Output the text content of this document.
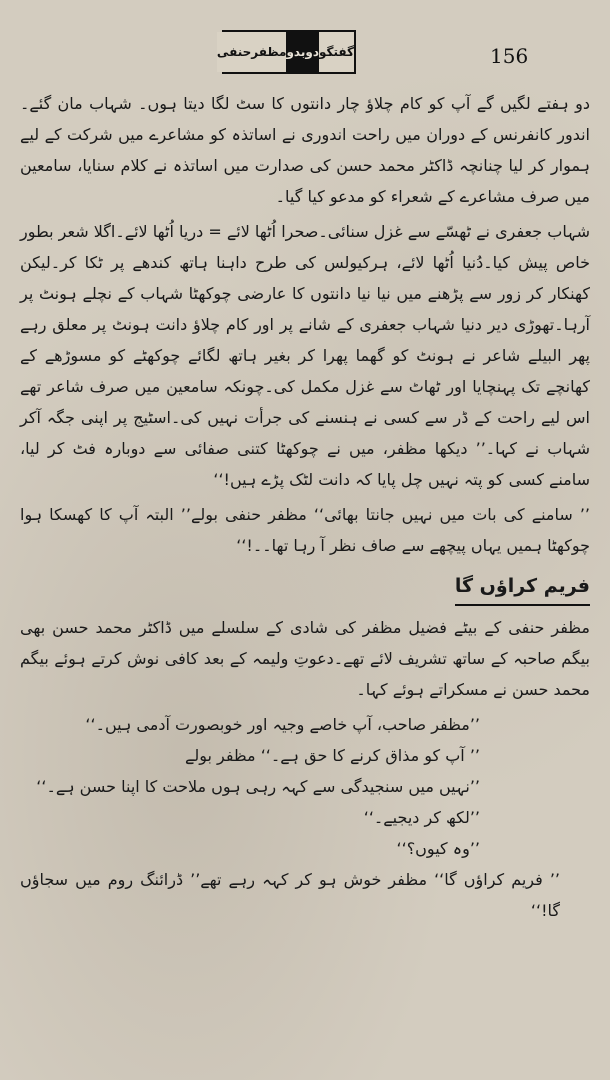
گفتگو
دوبدو
مظفرحنفی	156

دو ہفتے لگیں گے آپ کو کام چلاؤ چار دانتوں کا سٹ لگا دیتا ہوں۔ شہاب مان گئے۔اندور کانفرنس کے دوران میں راحت اندوری نے اساتذہ کو مشاعرے میں شرکت کے لیے ہموار کر لیا چنانچہ ڈاکٹر محمد حسن کی صدارت میں اساتذہ نے کلام سنایا، سامعین میں صرف مشاعرے کے شعراء کو مدعو کیا گیا۔

شہاب جعفری نے ٹھسّے سے غزل سنائی۔صحرا اُٹھا لائے = دریا اُٹھا لائے۔اگلا شعر بطور خاص پیش کیا۔دُنیا اُٹھا لائے، ہرکیولس کی طرح داہنا ہاتھ کندھے پر ٹکا کر۔لیکن کھنکار کر زور سے پڑھنے میں نیا نیا دانتوں کا عارضی چوکھٹا شہاب کے نچلے ہونٹ پر آرہا۔تھوڑی دیر دنیا شہاب جعفری کے شانے پر اور کام چلاؤ دانت ہونٹ پر معلق رہے پھر البیلے شاعر نے ہونٹ کو گھما پھرا کر بغیر ہاتھ لگائے چوکھٹے کو مسوڑھے کے کھانچے تک پہنچایا اور ٹھاٹ سے غزل مکمل کی۔چونکہ سامعین میں صرف شاعر تھے اس لیے راحت کے ڈر سے کسی نے ہنسنے کی جرأت نہیں کی۔اسٹیج پر اپنی جگہ آکر شہاب نے کہا۔’’ دیکھا مظفر، میں نے چوکھٹا کتنی صفائی سے دوبارہ فٹ کر لیا، سامنے کسی کو پتہ نہیں چل پایا کہ دانت لٹک پڑے ہیں!‘‘

’’ سامنے کی بات میں نہیں جانتا بھائی‘‘ مظفر حنفی بولے’’ البتہ آپ کا کھسکا ہوا چوکھٹا ہمیں یہاں پیچھے سے صاف نظر آ رہا تھا۔۔!‘‘

فریم کراؤں گا

مظفر حنفی کے بیٹے فضیل مظفر کی شادی کے سلسلے میں ڈاکٹر محمد حسن بھی بیگم صاحبہ کے ساتھ تشریف لائے تھے۔دعوتِ ولیمہ کے بعد کافی نوش کرتے ہوئے بیگم محمد حسن نے مسکراتے ہوئے کہا۔

’’مظفر صاحب، آپ خاصے وجیہ اور خوبصورت آدمی ہیں۔‘‘

’’ آپ کو مذاق کرنے کا حق ہے۔‘‘ مظفر بولے

’’نہیں میں سنجیدگی سے کہہ رہی ہوں ملاحت کا اپنا حسن ہے۔‘‘

’’لکھ کر دیجیے۔‘‘

’’وہ کیوں؟‘‘

’’ فریم کراؤں گا‘‘ مظفر خوش ہو کر کہہ رہے تھے’’ ڈرائنگ روم میں سجاؤں گا!‘‘
